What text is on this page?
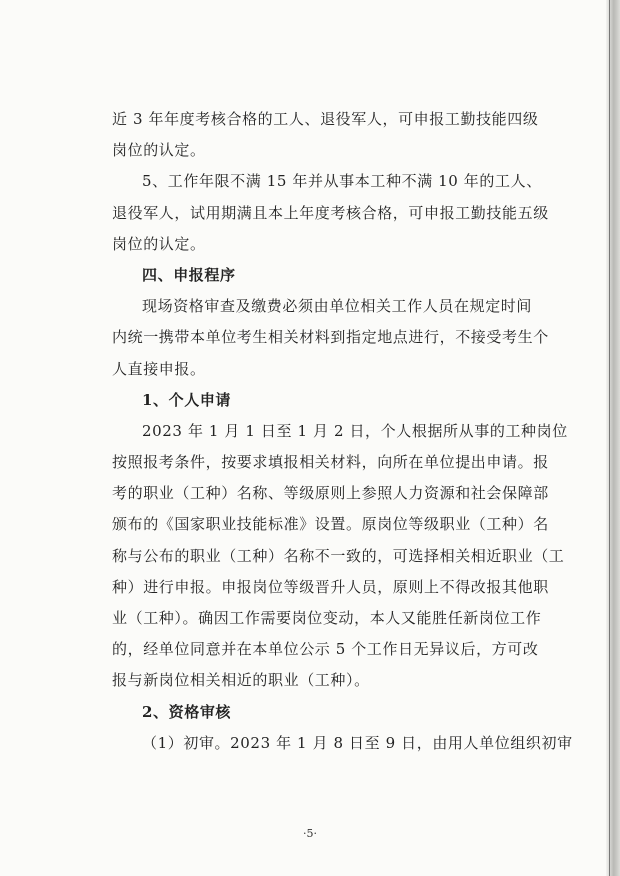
近 3 年年度考核合格的工人、退役军人，可申报工勤技能四级
岗位的认定。
5、工作年限不满 15 年并从事本工种不满 10 年的工人、
退役军人，试用期满且本上年度考核合格，可申报工勤技能五级
岗位的认定。
四、申报程序
现场资格审查及缴费必须由单位相关工作人员在规定时间
内统一携带本单位考生相关材料到指定地点进行，不接受考生个
人直接申报。
1、个人申请
2023 年 1 月 1 日至 1 月 2 日，个人根据所从事的工种岗位
按照报考条件，按要求填报相关材料，向所在单位提出申请。报
考的职业（工种）名称、等级原则上参照人力资源和社会保障部
颁布的《国家职业技能标准》设置。原岗位等级职业（工种）名
称与公布的职业（工种）名称不一致的，可选择相关相近职业（工
种）进行申报。申报岗位等级晋升人员，原则上不得改报其他职
业（工种）。确因工作需要岗位变动，本人又能胜任新岗位工作
的，经单位同意并在本单位公示 5 个工作日无异议后，方可改
报与新岗位相关相近的职业（工种）。
2、资格审核
（1）初审。2023 年 1 月 8 日至 9 日，由用人单位组织初审
·5·
